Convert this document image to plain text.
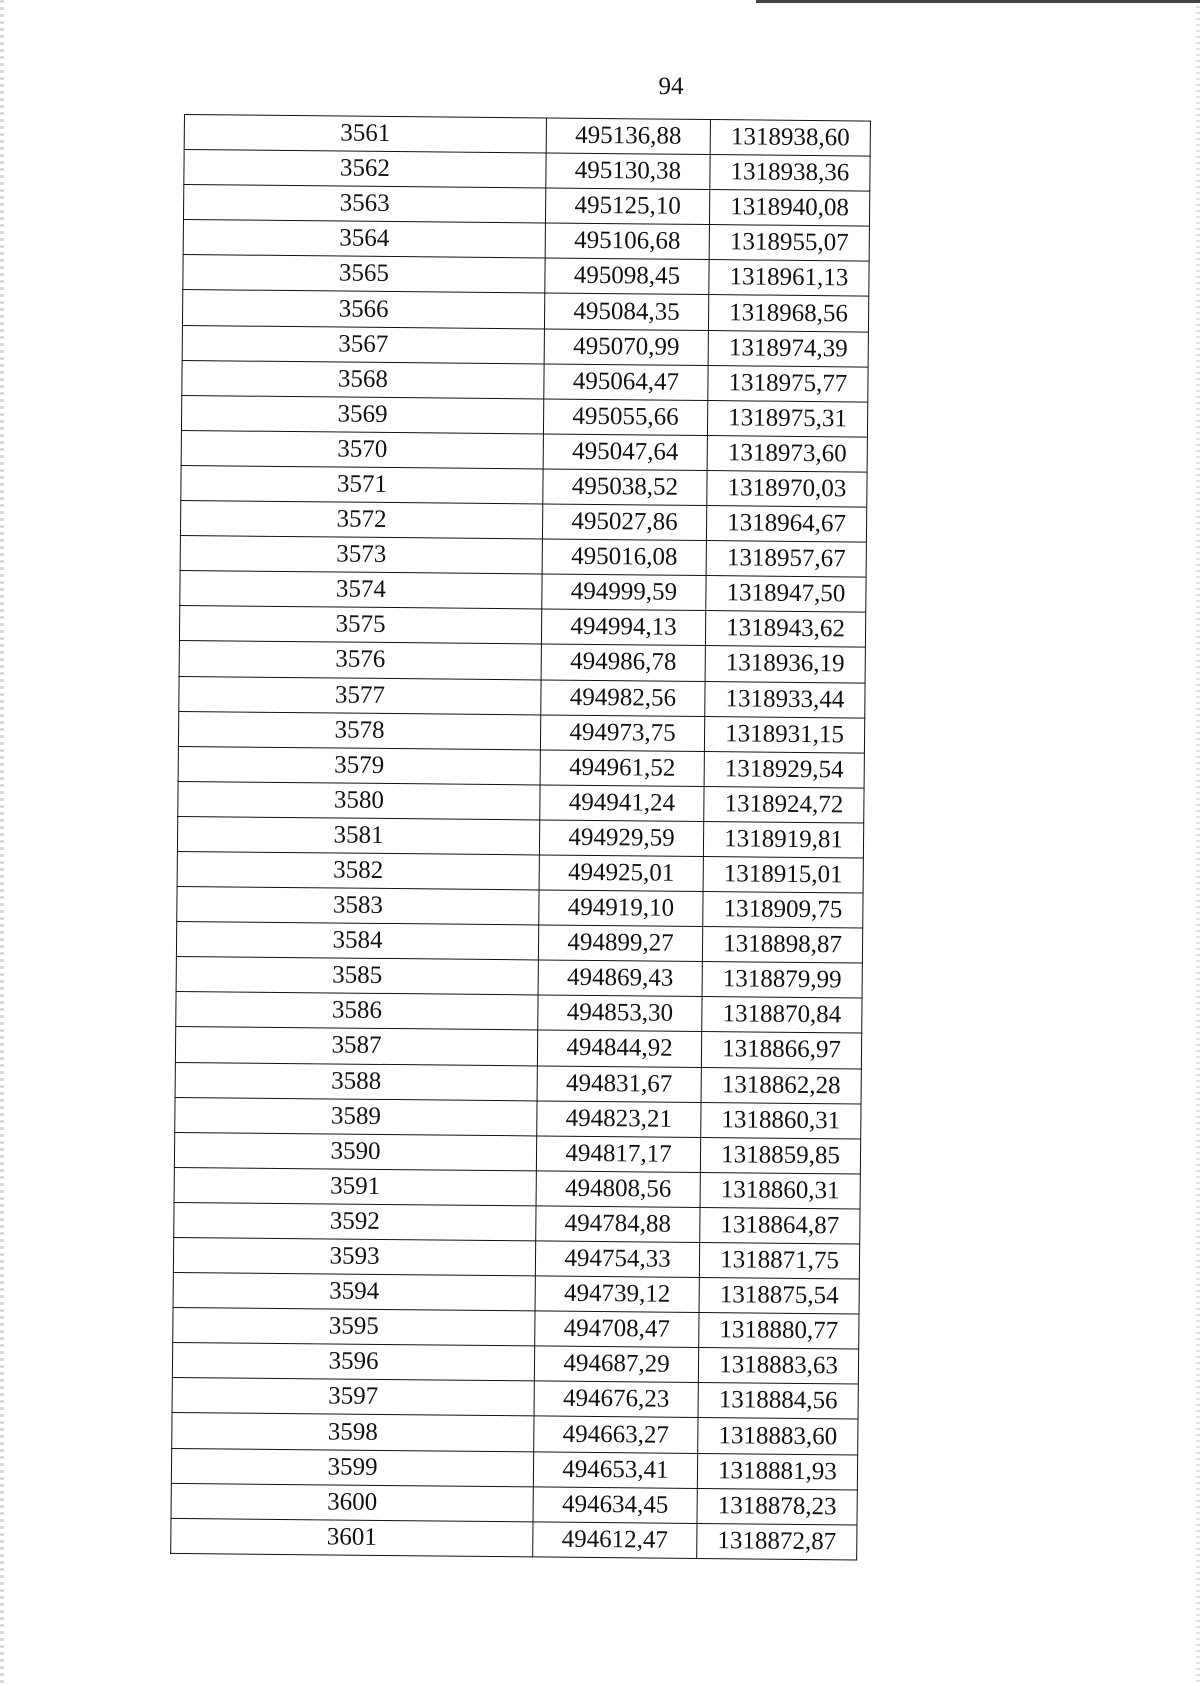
94
3561	495136,88	1318938,60
3562	495130,38	1318938,36
3563	495125,10	1318940,08
3564	495106,68	1318955,07
3565	495098,45	1318961,13
3566	495084,35	1318968,56
3567	495070,99	1318974,39
3568	495064,47	1318975,77
3569	495055,66	1318975,31
3570	495047,64	1318973,60
3571	495038,52	1318970,03
3572	495027,86	1318964,67
3573	495016,08	1318957,67
3574	494999,59	1318947,50
3575	494994,13	1318943,62
3576	494986,78	1318936,19
3577	494982,56	1318933,44
3578	494973,75	1318931,15
3579	494961,52	1318929,54
3580	494941,24	1318924,72
3581	494929,59	1318919,81
3582	494925,01	1318915,01
3583	494919,10	1318909,75
3584	494899,27	1318898,87
3585	494869,43	1318879,99
3586	494853,30	1318870,84
3587	494844,92	1318866,97
3588	494831,67	1318862,28
3589	494823,21	1318860,31
3590	494817,17	1318859,85
3591	494808,56	1318860,31
3592	494784,88	1318864,87
3593	494754,33	1318871,75
3594	494739,12	1318875,54
3595	494708,47	1318880,77
3596	494687,29	1318883,63
3597	494676,23	1318884,56
3598	494663,27	1318883,60
3599	494653,41	1318881,93
3600	494634,45	1318878,23
3601	494612,47	1318872,87
